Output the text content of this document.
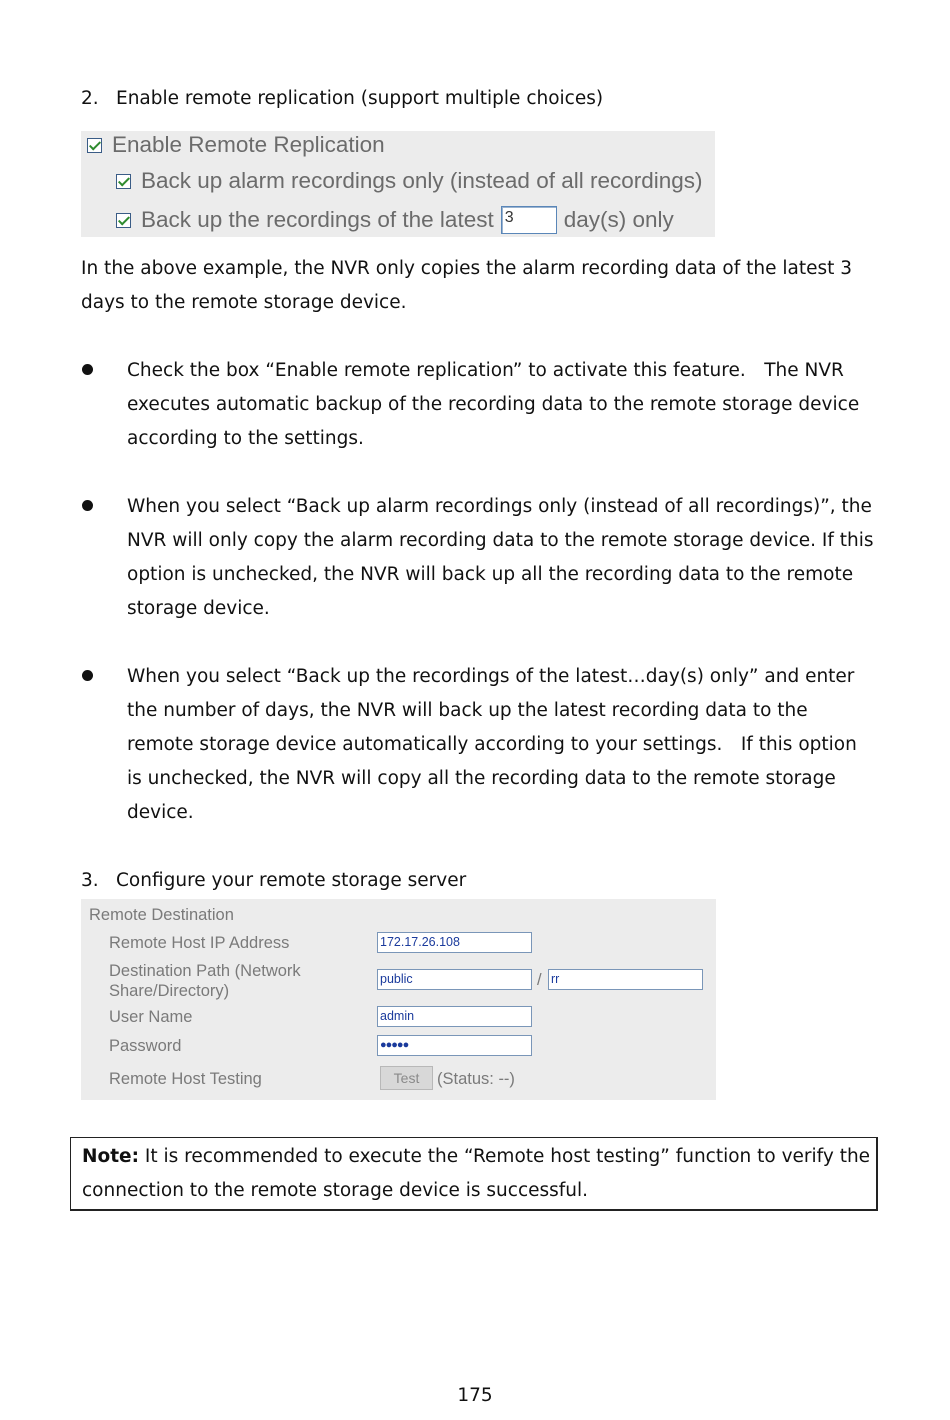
2. Enable remote replication (support multiple choices)
Enable Remote Replication
Back up alarm recordings only (instead of all recordings)
Back up the recordings of the latest 3	day(s) only
In the above example, the NVR only copies the alarm recording data of the latest 3 days to the remote storage device.
Check the box “Enable remote replication” to activate this feature. The NVR executes automatic backup of the recording data to the remote storage device according to the settings.
When you select “Back up alarm recordings only (instead of all recordings)”, the NVR will only copy the alarm recording data to the remote storage device. If this option is unchecked, the NVR will back up all the recording data to the remote storage device.
When you select “Back up the recordings of the latest…day(s) only” and enter the number of days, the NVR will back up the latest recording data to the remote storage device automatically according to your settings. If this option is unchecked, the NVR will copy all the recording data to the remote storage device.
3. Configure your remote storage server
Remote Destination
Remote Host IP Address	172.17.26.108
Destination Path (Network
Share/Directory)
public	/ rr
User Name	admin
Password	●●●●●
Remote Host Testing	Test	(Status: --)
Note: It is recommended to execute the “Remote host testing” function to verify the connection to the remote storage device is successful.
175
